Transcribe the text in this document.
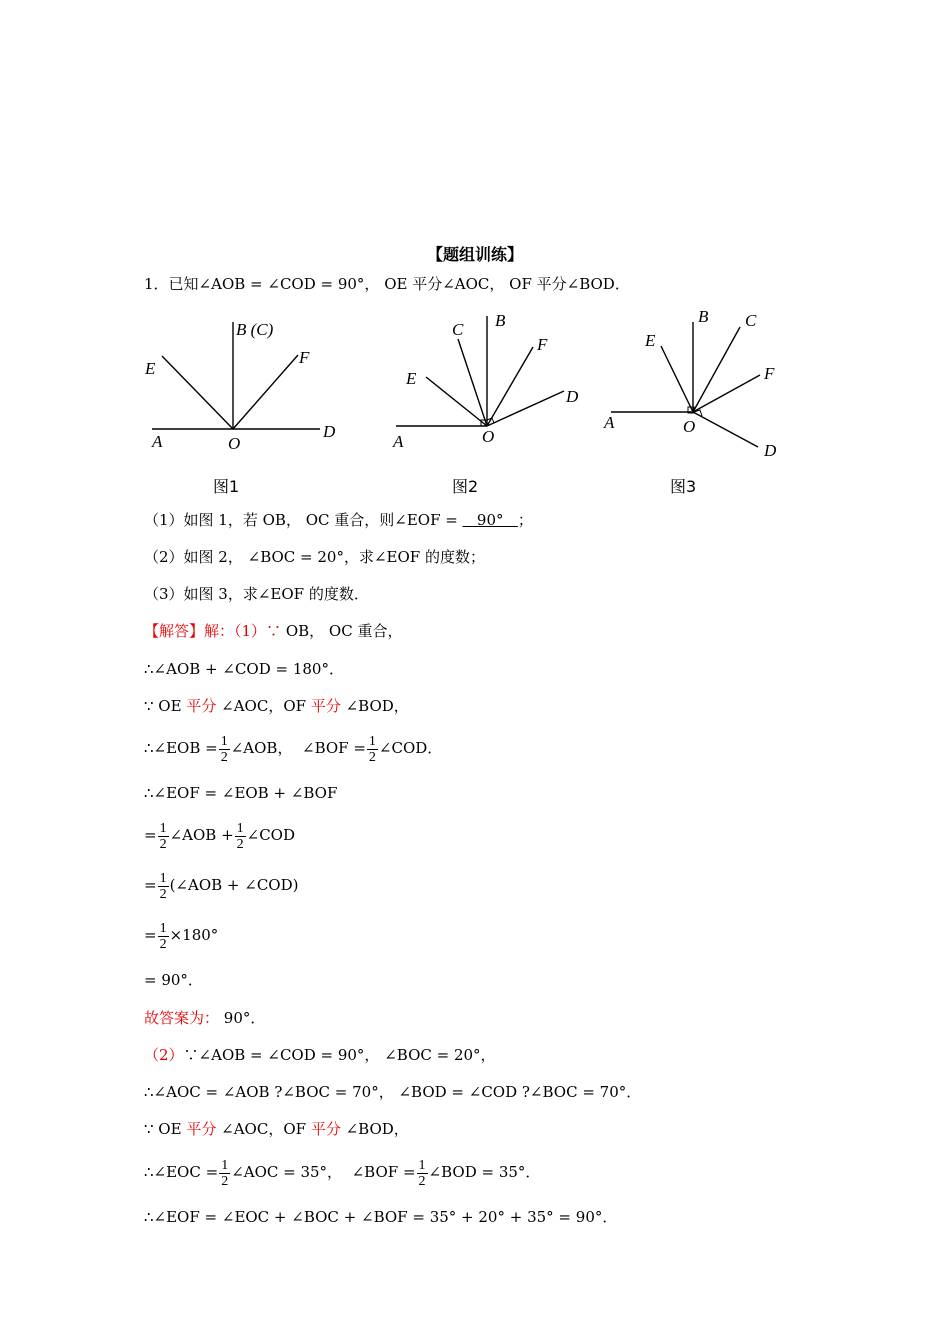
【题组训练】
1．已知∠AOB = ∠COD = 90°， OE 平分∠AOC， OF 平分∠BOD．
B (C)
E
F
A	O
D
图1
C B
F
E
D
A	O
图2
E
B C
F
A	O
D
图3
（1）如图 1，若 OB， OC 重合，则∠EOF = 90° ；
（2）如图 2， ∠BOC = 20°，求∠EOF 的度数；
（3）如图 3，求∠EOF 的度数．
【解答】解：（1）∵ OB， OC 重合，
∴∠AOB + ∠COD = 180°．
∵ OE 平分 ∠AOC，OF 平分 ∠BOD，
∴∠EOB = $\frac{1}{2}$ ∠AOB， ∠BOF = $\frac{1}{2}$ ∠COD．
∴∠EOF = ∠EOB + ∠BOF
= $\frac{1}{2}$ ∠AOB + $\frac{1}{2}$ ∠COD
= $\frac{1}{2}$ (∠AOB + ∠COD)
= $\frac{1}{2} \times 180^\circ$
= 90°．
故答案为： 90°．
（2）∵∠AOB = ∠COD = 90°， ∠BOC = 20°，
∴∠AOC = ∠AOB ?∠BOC = 70°， ∠BOD = ∠COD ?∠BOC = 70°．
∵ OE 平分 ∠AOC，OF 平分 ∠BOD，
∴∠EOC = $\frac{1}{2}$ ∠AOC = 35°， ∠BOF = $\frac{1}{2}$ ∠BOD = 35°．
∴∠EOF = ∠EOC + ∠BOC + ∠BOF = 35° + 20° + 35° = 90°．
